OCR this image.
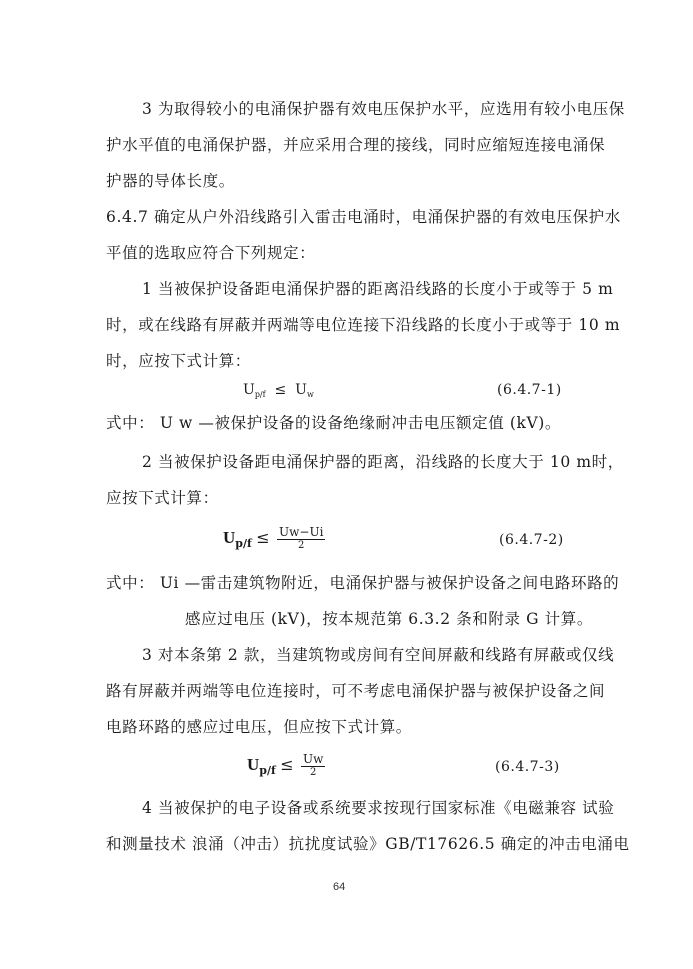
3 为取得较小的电涌保护器有效电压保护水平，应选用有较小电压保
护水平值的电涌保护器，并应采用合理的接线，同时应缩短连接电涌保
护器的导体长度。
6.4.7 确定从户外沿线路引入雷击电涌时，电涌保护器的有效电压保护水
平值的选取应符合下列规定：
1 当被保护设备距电涌保护器的距离沿线路的长度小于或等于 5 m
时，或在线路有屏蔽并两端等电位连接下沿线路的长度小于或等于 10 m
时，应按下式计算：
$U_{p/f} \le U_w$	(6.4.7-1)
式中： U w —被保护设备的设备绝缘耐冲击电压额定值 (kV)。
2 当被保护设备距电涌保护器的距离，沿线路的长度大于 10 m时，
应按下式计算：
$U_{p/f} \le \frac{Uw-Ui}{2}$	(6.4.7-2)
式中： Ui —雷击建筑物附近，电涌保护器与被保护设备之间电路环路的
感应过电压 (kV)，按本规范第 6.3.2 条和附录 G 计算。
3 对本条第 2 款，当建筑物或房间有空间屏蔽和线路有屏蔽或仅线
路有屏蔽并两端等电位连接时，可不考虑电涌保护器与被保护设备之间
电路环路的感应过电压，但应按下式计算。
$U_{p/f} \le \frac{Uw}{2}$	(6.4.7-3)
4 当被保护的电子设备或系统要求按现行国家标准《电磁兼容 试验
和测量技术 浪涌（冲击）抗扰度试验》GB/T17626.5 确定的冲击电涌电
64
